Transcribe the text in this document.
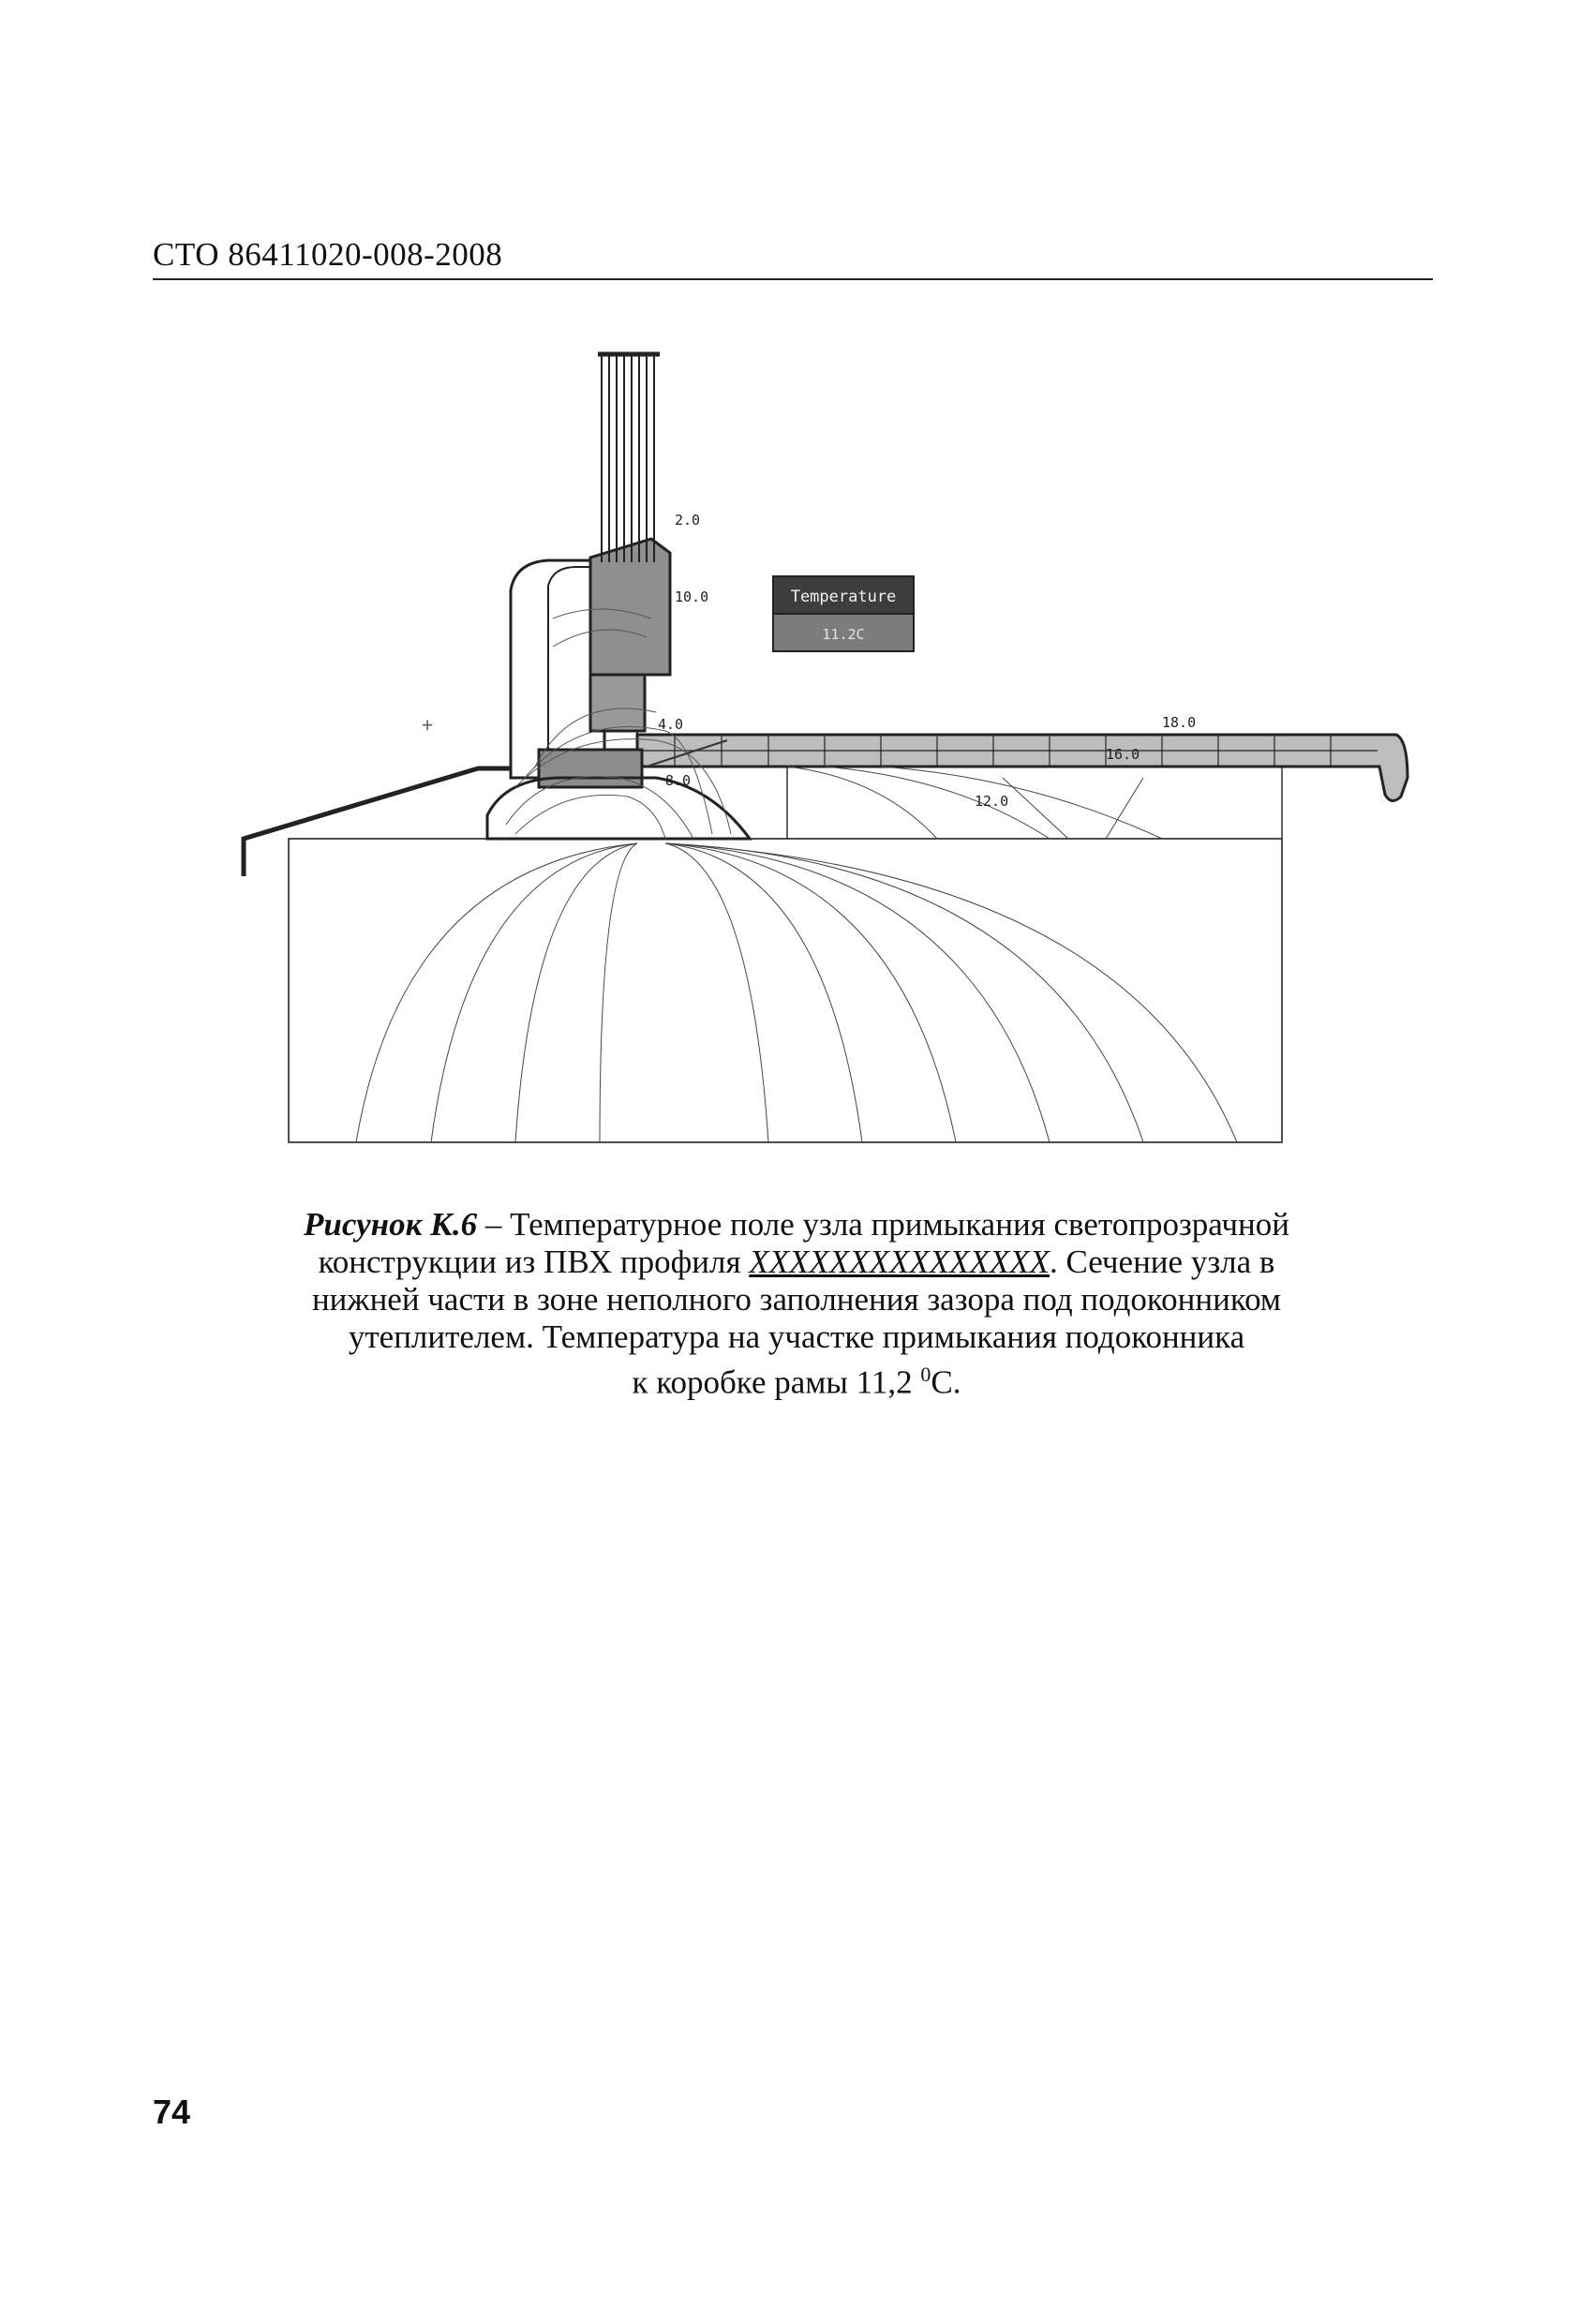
СТО 86411020-008-2008
Temperature
11.2C
18.0
16.0
12.0
8.0
4.0
2.0
10.0
+
Рисунок К.6 – Температурное поле узла примыкания светопрозрачной
конструкции из ПВХ профиля XXXXXXXXXXXXXXX. Сечение узла в
нижней части в зоне неполного заполнения зазора под подоконником
утеплителем. Температура на участке примыкания подоконника
к коробке рамы 11,2 $^0$С.
74
